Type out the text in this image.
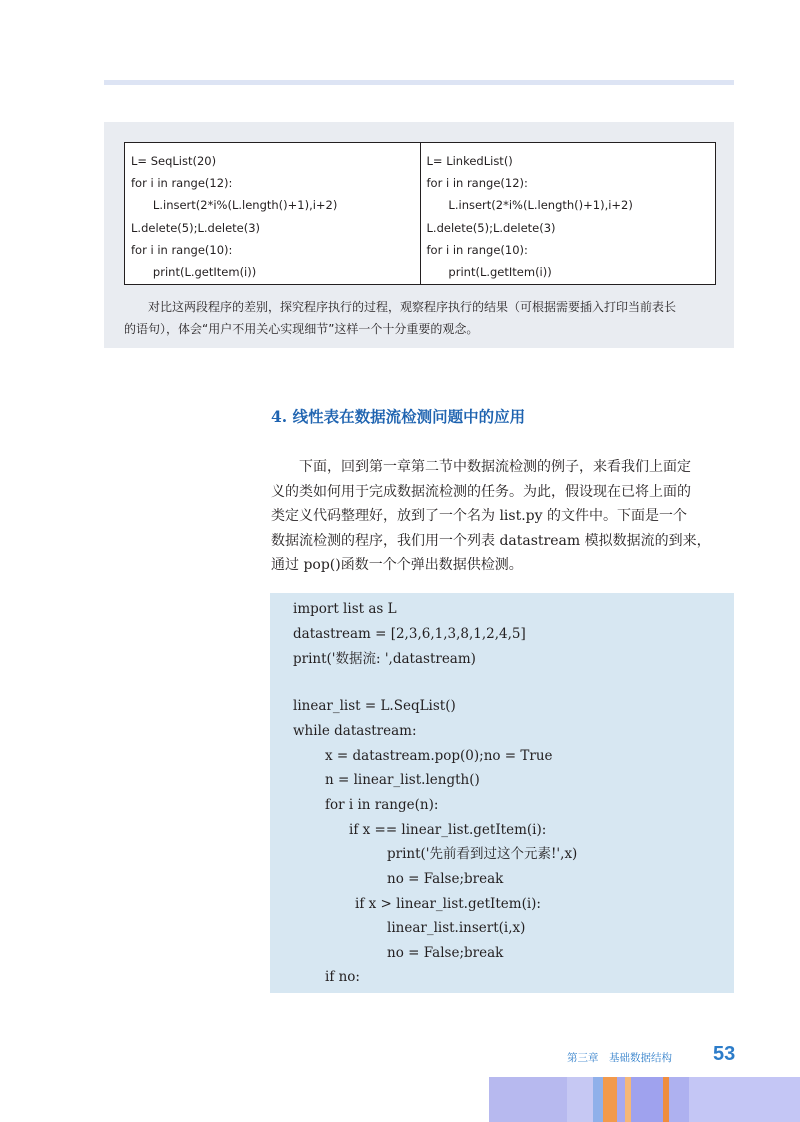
L= SeqList(20)
for i in range(12):
L.insert(2*i%(L.length()+1),i+2)
L.delete(5);L.delete(3)
for i in range(10):
print(L.getItem(i))
L= LinkedList()
for i in range(12):
L.insert(2*i%(L.length()+1),i+2)
L.delete(5);L.delete(3)
for i in range(10):
print(L.getItem(i))
对比这两段程序的差别，探究程序执行的过程，观察程序执行的结果（可根据需要插入打印当前表长
的语句），体会“用户不用关心实现细节”这样一个十分重要的观念。
4. 线性表在数据流检测问题中的应用
下面，回到第一章第二节中数据流检测的例子，来看我们上面定
义的类如何用于完成数据流检测的任务。为此，假设现在已将上面的
类定义代码整理好，放到了一个名为 list.py 的文件中。下面是一个
数据流检测的程序，我们用一个列表 datastream 模拟数据流的到来，
通过 pop()函数一个个弹出数据供检测。
import list as L
datastream = [2,3,6,1,3,8,1,2,4,5]
print('数据流: ',datastream)
linear_list = L.SeqList()
while datastream:
x = datastream.pop(0);no = True
n = linear_list.length()
for i in range(n):
if x == linear_list.getItem(i):
print('先前看到过这个元素!',x)
no = False;break
if x > linear_list.getItem(i):
linear_list.insert(i,x)
no = False;break
if no:
第三章　基础数据结构 53
